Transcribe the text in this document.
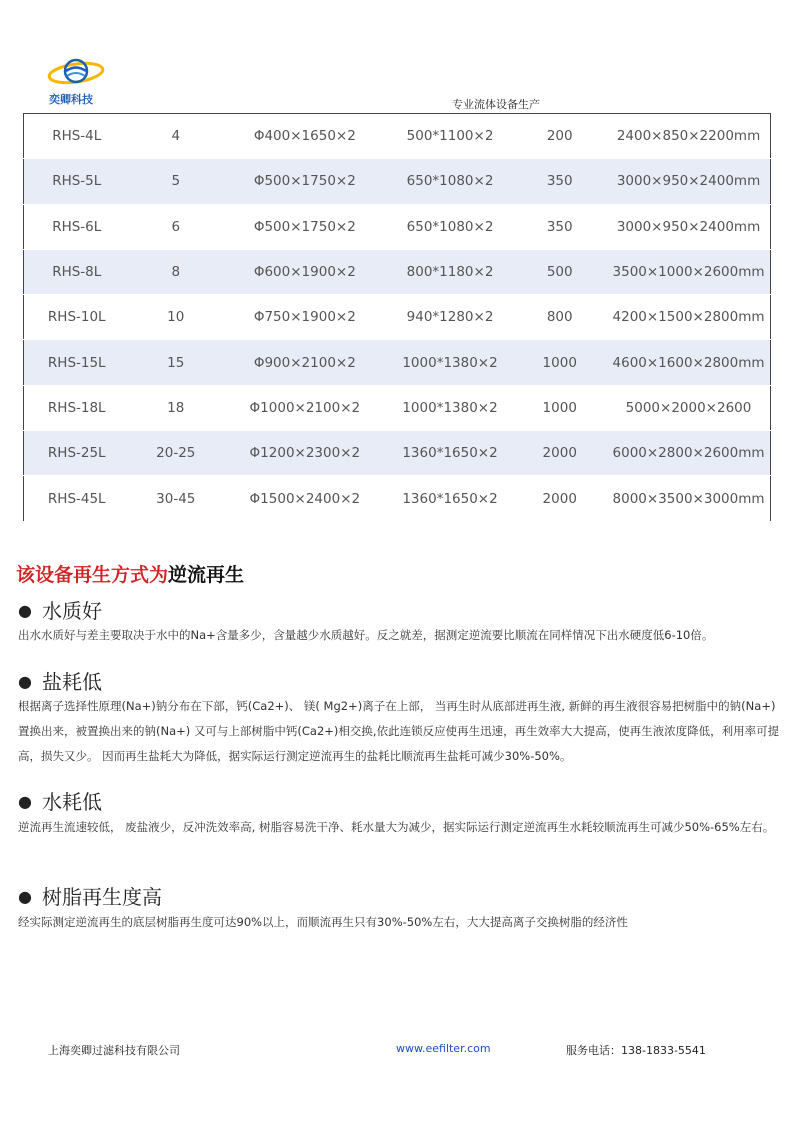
奕卿科技	专业流体设备生产
RHS-4L	4	Φ400×1650×2	500*1100×2	200	2400×850×2200mm
RHS-5L	5	Φ500×1750×2	650*1080×2	350	3000×950×2400mm
RHS-6L	6	Φ500×1750×2	650*1080×2	350	3000×950×2400mm
RHS-8L	8	Φ600×1900×2	800*1180×2	500	3500×1000×2600mm
RHS-10L	10	Φ750×1900×2	940*1280×2	800	4200×1500×2800mm
RHS-15L	15	Φ900×2100×2	1000*1380×2	1000	4600×1600×2800mm
RHS-18L	18	Φ1000×2100×2	1000*1380×2	1000	5000×2000×2600
RHS-25L	20-25	Φ1200×2300×2	1360*1650×2	2000	6000×2800×2600mm
RHS-45L	30-45	Φ1500×2400×2	1360*1650×2	2000	8000×3500×3000mm
该设备再生方式为逆流再生
● 水质好
出水水质好与差主要取决于水中的Na+含量多少，含量越少水质越好。反之就差，据测定逆流要比顺流在同样情况下出水硬度低6-10倍。
● 盐耗低
根据离子选择性原理(Na+)钠分布在下部，钙(Ca2+)、 镁( Mg2+)离子在上部， 当再生时从底部进再生液, 新鲜的再生液很容易把树脂中的钠(Na+)置换出来，被置换出来的钠(Na+) 又可与上部树脂中钙(Ca2+)相交换,依此连锁反应使再生迅速，再生效率大大提高，使再生液浓度降低，利用率可提高，损失又少。 因而再生盐耗大为降低，据实际运行测定逆流再生的盐耗比顺流再生盐耗可减少30%-50%。
● 水耗低
逆流再生流速较低， 废盐液少，反冲洗效率高, 树脂容易洗干净、耗水量大为减少，据实际运行测定逆流再生水耗较顺流再生可减少50%-65%左右。
● 树脂再生度高
经实际测定逆流再生的底层树脂再生度可达90%以上，而顺流再生只有30%-50%左右，大大提高离子交换树脂的经济性
上海奕卿过滤科技有限公司	www.eefilter.com	服务电话：138-1833-5541
